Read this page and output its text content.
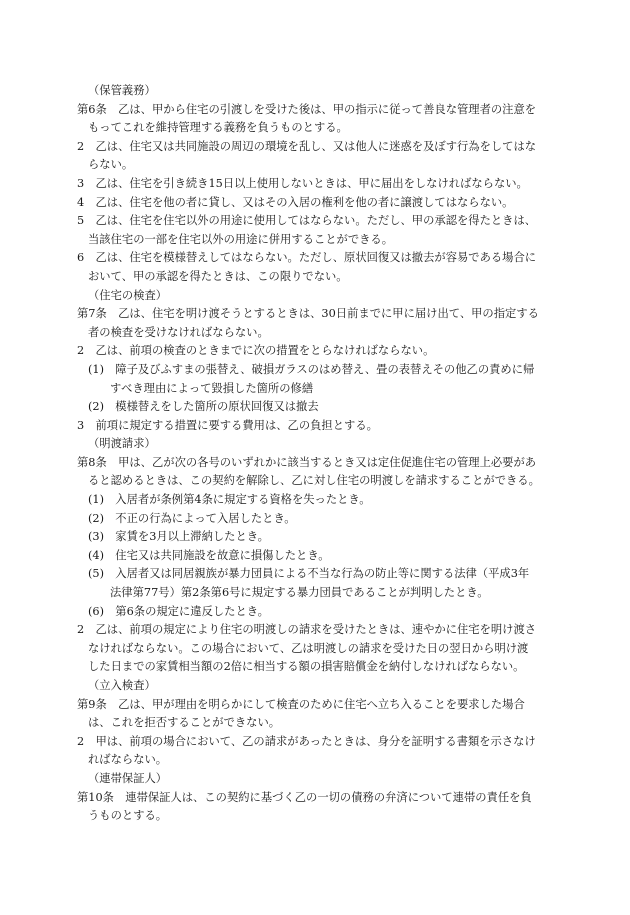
（保管義務）
第6条　乙は、甲から住宅の引渡しを受けた後は、甲の指示に従って善良な管理者の注意を
もってこれを維持管理する義務を負うものとする。
2　乙は、住宅又は共同施設の周辺の環境を乱し、又は他人に迷惑を及ぼす行為をしてはな
らない。
3　乙は、住宅を引き続き15日以上使用しないときは、甲に届出をしなければならない。
4　乙は、住宅を他の者に貸し、又はその入居の権利を他の者に譲渡してはならない。
5　乙は、住宅を住宅以外の用途に使用してはならない。ただし、甲の承認を得たときは、
当該住宅の一部を住宅以外の用途に併用することができる。
6　乙は、住宅を模様替えしてはならない。ただし、原状回復又は撤去が容易である場合に
おいて、甲の承認を得たときは、この限りでない。
（住宅の検査）
第7条　乙は、住宅を明け渡そうとするときは、30日前までに甲に届け出て、甲の指定する
者の検査を受けなければならない。
2　乙は、前項の検査のときまでに次の措置をとらなければならない。
(1)　障子及びふすまの張替え、破損ガラスのはめ替え、畳の表替えその他乙の責めに帰
すべき理由によって毀損した箇所の修繕
(2)　模様替えをした箇所の原状回復又は撤去
3　前項に規定する措置に要する費用は、乙の負担とする。
（明渡請求）
第8条　甲は、乙が次の各号のいずれかに該当するとき又は定住促進住宅の管理上必要があ
ると認めるときは、この契約を解除し、乙に対し住宅の明渡しを請求することができる。
(1)　入居者が条例第4条に規定する資格を失ったとき。
(2)　不正の行為によって入居したとき。
(3)　家賃を3月以上滞納したとき。
(4)　住宅又は共同施設を故意に損傷したとき。
(5)　入居者又は同居親族が暴力団員による不当な行為の防止等に関する法律（平成3年
法律第77号）第2条第6号に規定する暴力団員であることが判明したとき。
(6)　第6条の規定に違反したとき。
2　乙は、前項の規定により住宅の明渡しの請求を受けたときは、速やかに住宅を明け渡さ
なければならない。この場合において、乙は明渡しの請求を受けた日の翌日から明け渡
した日までの家賃相当額の2倍に相当する額の損害賠償金を納付しなければならない。
（立入検査）
第9条　乙は、甲が理由を明らかにして検査のために住宅へ立ち入ることを要求した場合
は、これを拒否することができない。
2　甲は、前項の場合において、乙の請求があったときは、身分を証明する書類を示さなけ
ればならない。
（連帯保証人）
第10条　連帯保証人は、この契約に基づく乙の一切の債務の弁済について連帯の責任を負
うものとする。
